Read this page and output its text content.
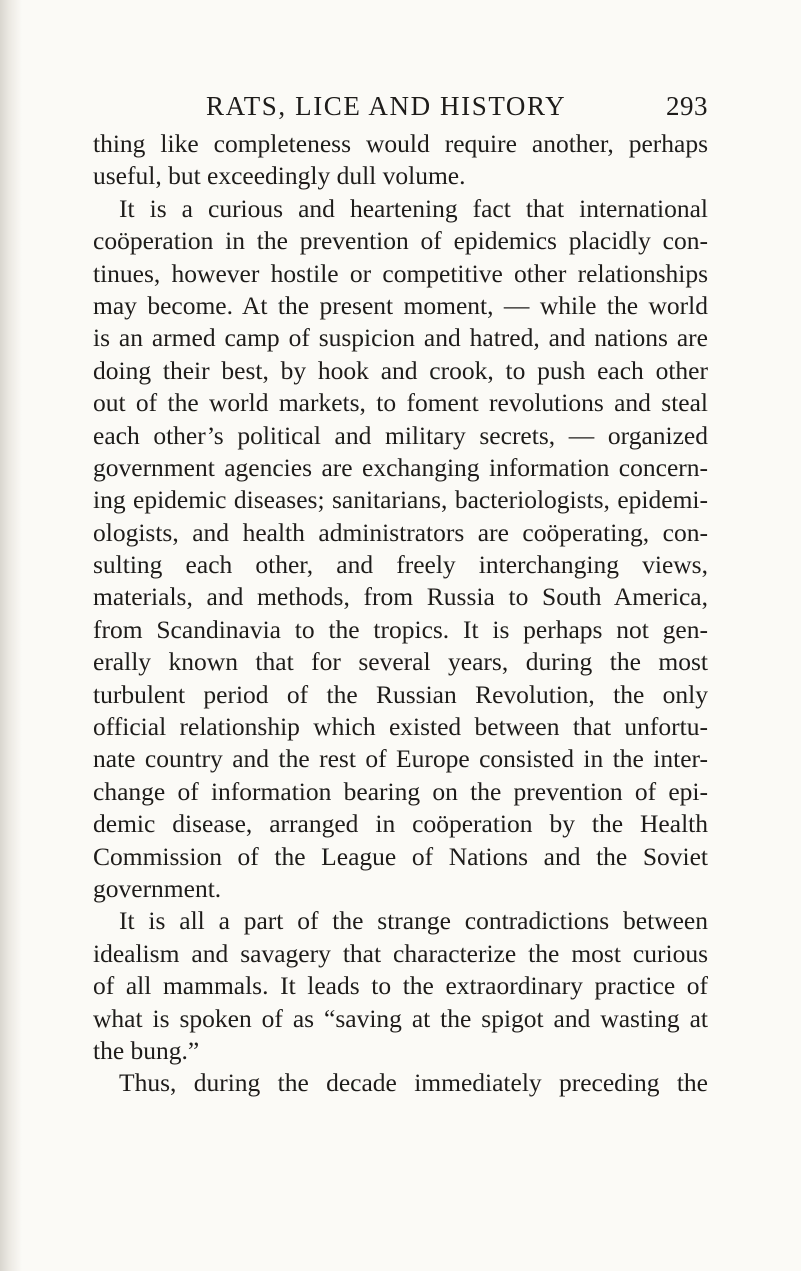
RATS, LICE AND HISTORY	293
thing like completeness would require another, perhaps
useful, but exceedingly dull volume.
It is a curious and heartening fact that international
coöperation in the prevention of epidemics placidly con-
tinues, however hostile or competitive other relationships
may become. At the present moment, — while the world
is an armed camp of suspicion and hatred, and nations are
doing their best, by hook and crook, to push each other
out of the world markets, to foment revolutions and steal
each other’s political and military secrets, — organized
government agencies are exchanging information concern-
ing epidemic diseases; sanitarians, bacteriologists, epidemi-
ologists, and health administrators are coöperating, con-
sulting each other, and freely interchanging views,
materials, and methods, from Russia to South America,
from Scandinavia to the tropics. It is perhaps not gen-
erally known that for several years, during the most
turbulent period of the Russian Revolution, the only
official relationship which existed between that unfortu-
nate country and the rest of Europe consisted in the inter-
change of information bearing on the prevention of epi-
demic disease, arranged in coöperation by the Health
Commission of the League of Nations and the Soviet
government.
It is all a part of the strange contradictions between
idealism and savagery that characterize the most curious
of all mammals. It leads to the extraordinary practice of
what is spoken of as “saving at the spigot and wasting at
the bung.”
Thus, during the decade immediately preceding the
